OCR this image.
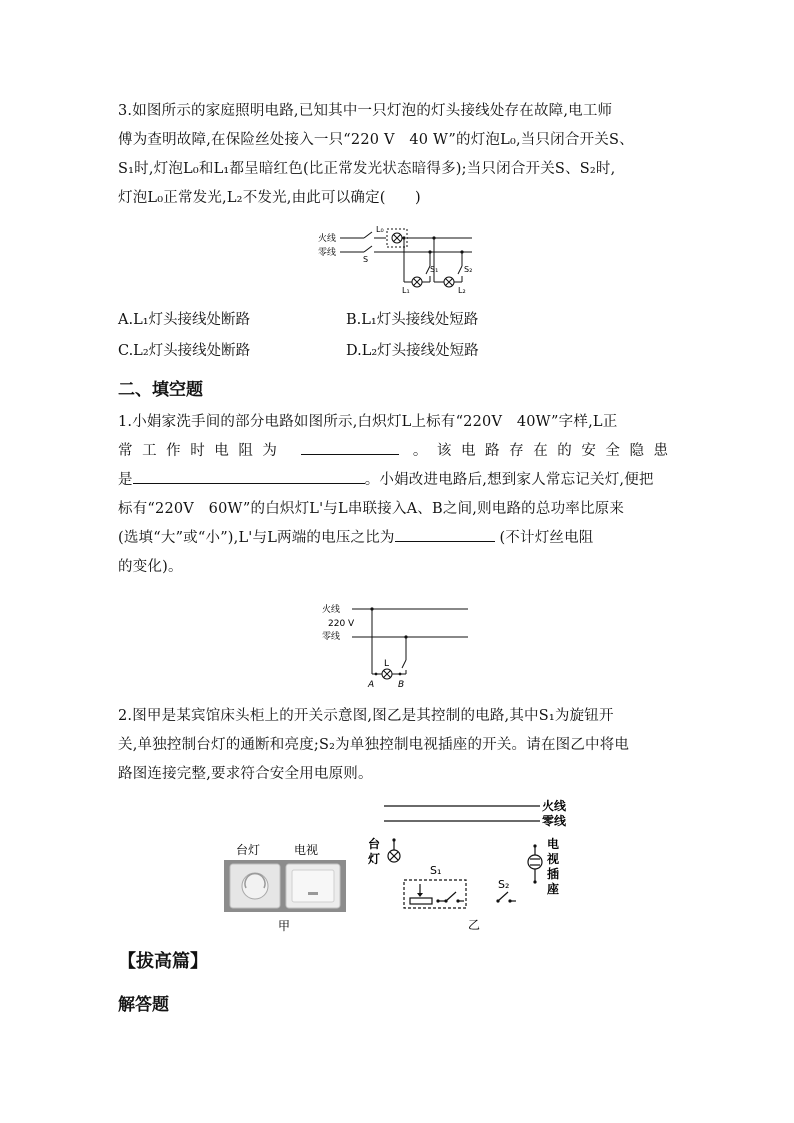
3.如图所示的家庭照明电路,已知其中一只灯泡的灯头接线处存在故障,电工师
傅为查明故障,在保险丝处接入一只“220 V　40 W”的灯泡L₀,当只闭合开关S、
S₁时,灯泡L₀和L₁都呈暗红色(比正常发光状态暗得多);当只闭合开关S、S₂时,
灯泡L₀正常发光,L₂不发光,由此可以确定(　　)
火线
零线
L₀
S
S₁	S₂
L₁	L₂
A.L₁灯头接线处断路	B.L₁灯头接线处短路
C.L₂灯头接线处断路	D.L₂灯头接线处短路
二、填空题
1.小娟家洗手间的部分电路如图所示,白炽灯L上标有“220V　40W”字样,L正
常工作时电阻为	。该电路存在的安全隐患
是	。小娟改进电路后,想到家人常忘记关灯,便把
标有“220V　60W”的白炽灯L'与L串联接入A、B之间,则电路的总功率比原来
(选填“大”或“小”),L'与L两端的电压之比为	(不计灯丝电阻
的变化)。
火线
220 V
零线
L
A	B
2.图甲是某宾馆床头柜上的开关示意图,图乙是其控制的电路,其中S₁为旋钮开
关,单独控制台灯的通断和亮度;S₂为单独控制电视插座的开关。请在图乙中将电
路图连接完整,要求符合安全用电原则。
台灯	电视
甲
火线
零线
台 灯
S₁
S₂
电 视 插 座
乙
【拔高篇】
解答题
